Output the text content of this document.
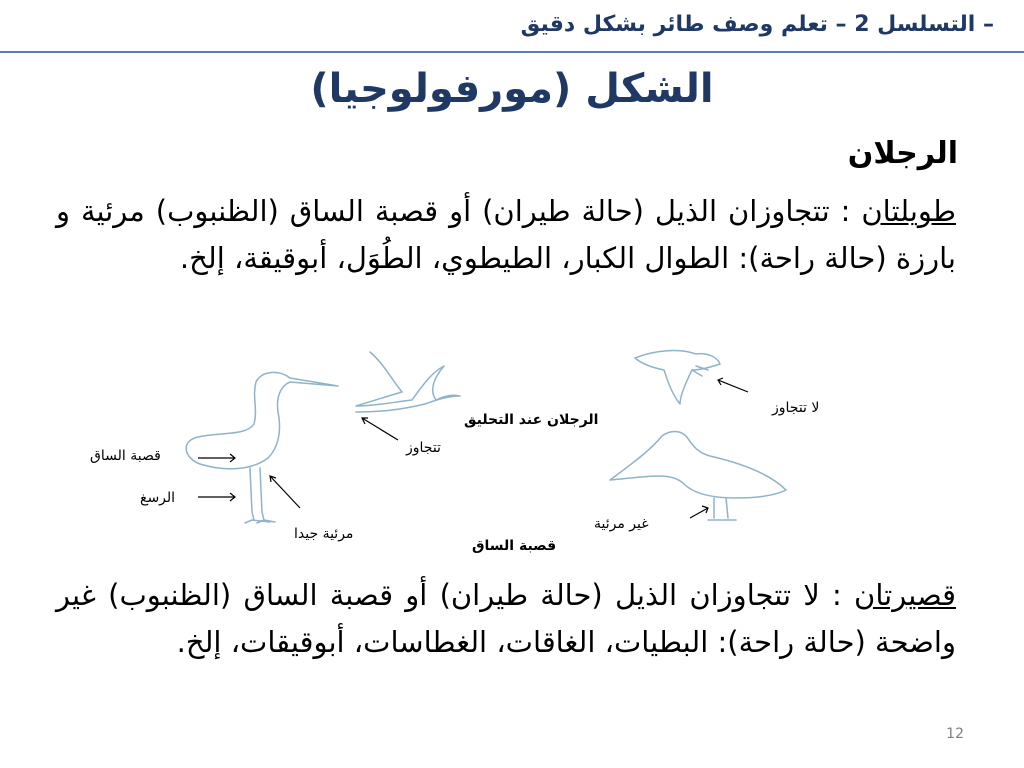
– التسلسل 2 – تعلم وصف طائر بشكل دقيق
الشكل (مورفولوجيا)
الرجلان
طويلتان : تتجاوزان الذيل (حالة طيران) أو قصبة الساق (الظنبوب) مرئية و بارزة (حالة راحة): الطوال الكبار، الطيطوي، الطُوَل، أبوقيقة، إلخ.
قصبة الساق
الرسغ
مرئية جيدا
تتجاوز
الرجلان عند التحليق
لا تتجاوز
غير مرئية
قصبة الساق
قصيرتان : لا تتجاوزان الذيل (حالة طيران) أو قصبة الساق (الظنبوب) غير واضحة (حالة راحة): البطيات، الغاقات، الغطاسات، أبوقيقات، إلخ.
12
